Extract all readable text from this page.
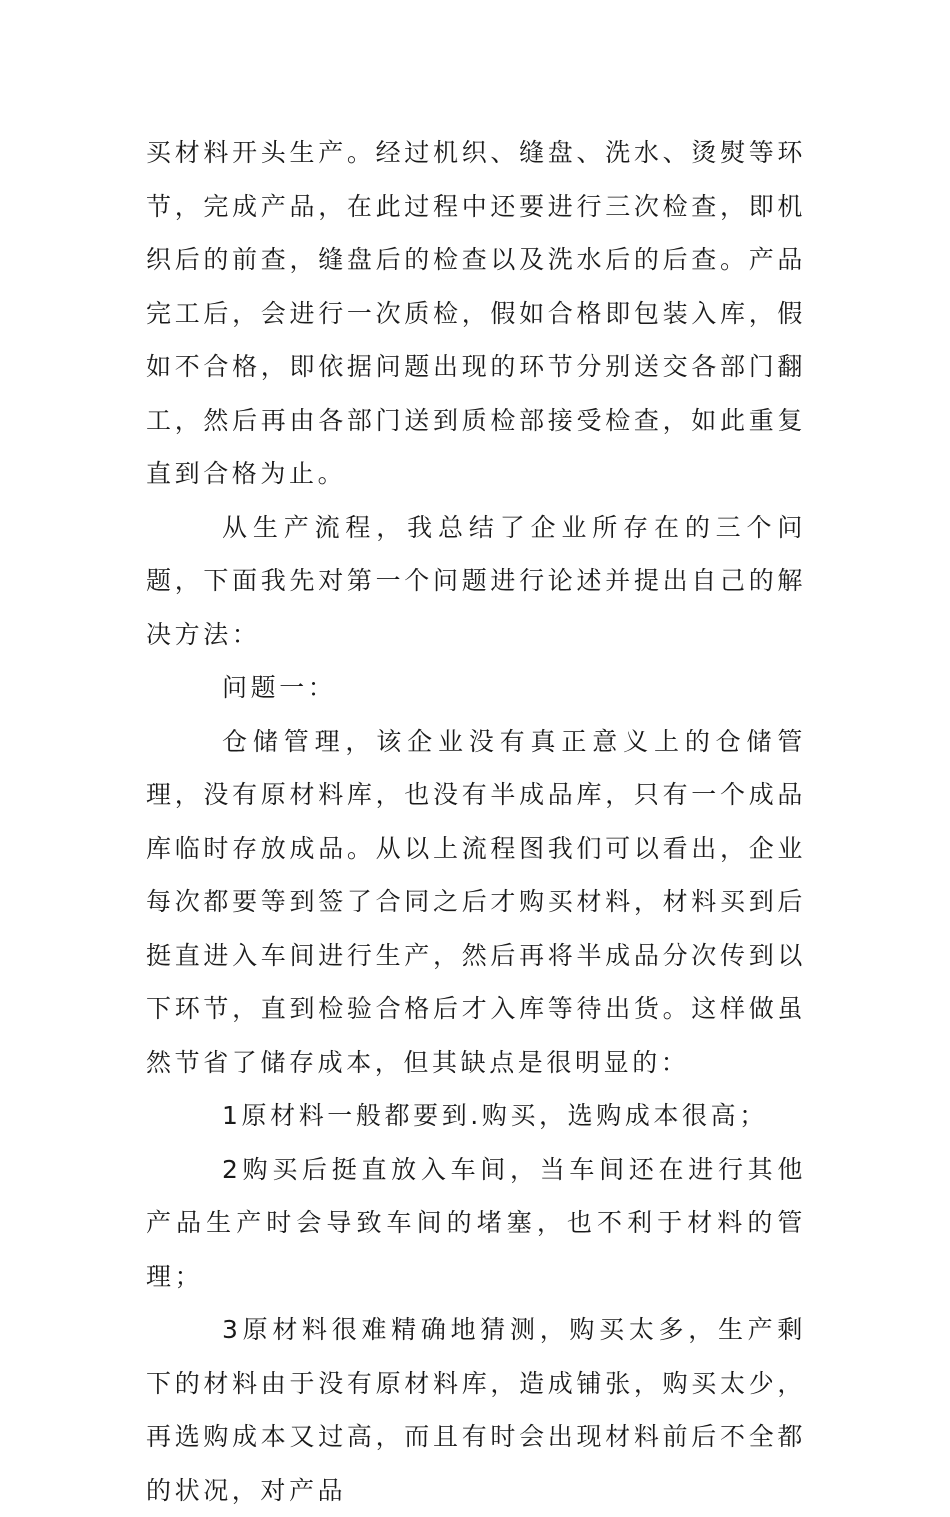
买材料开头生产。经过机织、缝盘、洗水、烫熨等环节，完成产品，在此过程中还要进行三次检查，即机织后的前查，缝盘后的检查以及洗水后的后查。产品完工后，会进行一次质检，假如合格即包装入库，假如不合格，即依据问题出现的环节分别送交各部门翻工，然后再由各部门送到质检部接受检查，如此重复直到合格为止。

从生产流程，我总结了企业所存在的三个问题，下面我先对第一个问题进行论述并提出自己的解决方法：

问题一：

仓储管理，该企业没有真正意义上的仓储管理，没有原材料库，也没有半成品库，只有一个成品库临时存放成品。从以上流程图我们可以看出，企业每次都要等到签了合同之后才购买材料，材料买到后挺直进入车间进行生产，然后再将半成品分次传到以下环节，直到检验合格后才入库等待出货。这样做虽然节省了储存成本，但其缺点是很明显的：

1原材料一般都要到.购买，选购成本很高；

2购买后挺直放入车间，当车间还在进行其他产品生产时会导致车间的堵塞，也不利于材料的管理；

3原材料很难精确地猜测，购买太多，生产剩下的材料由于没有原材料库，造成铺张，购买太少，再选购成本又过高，而且有时会出现材料前后不全都的状况，对产品
